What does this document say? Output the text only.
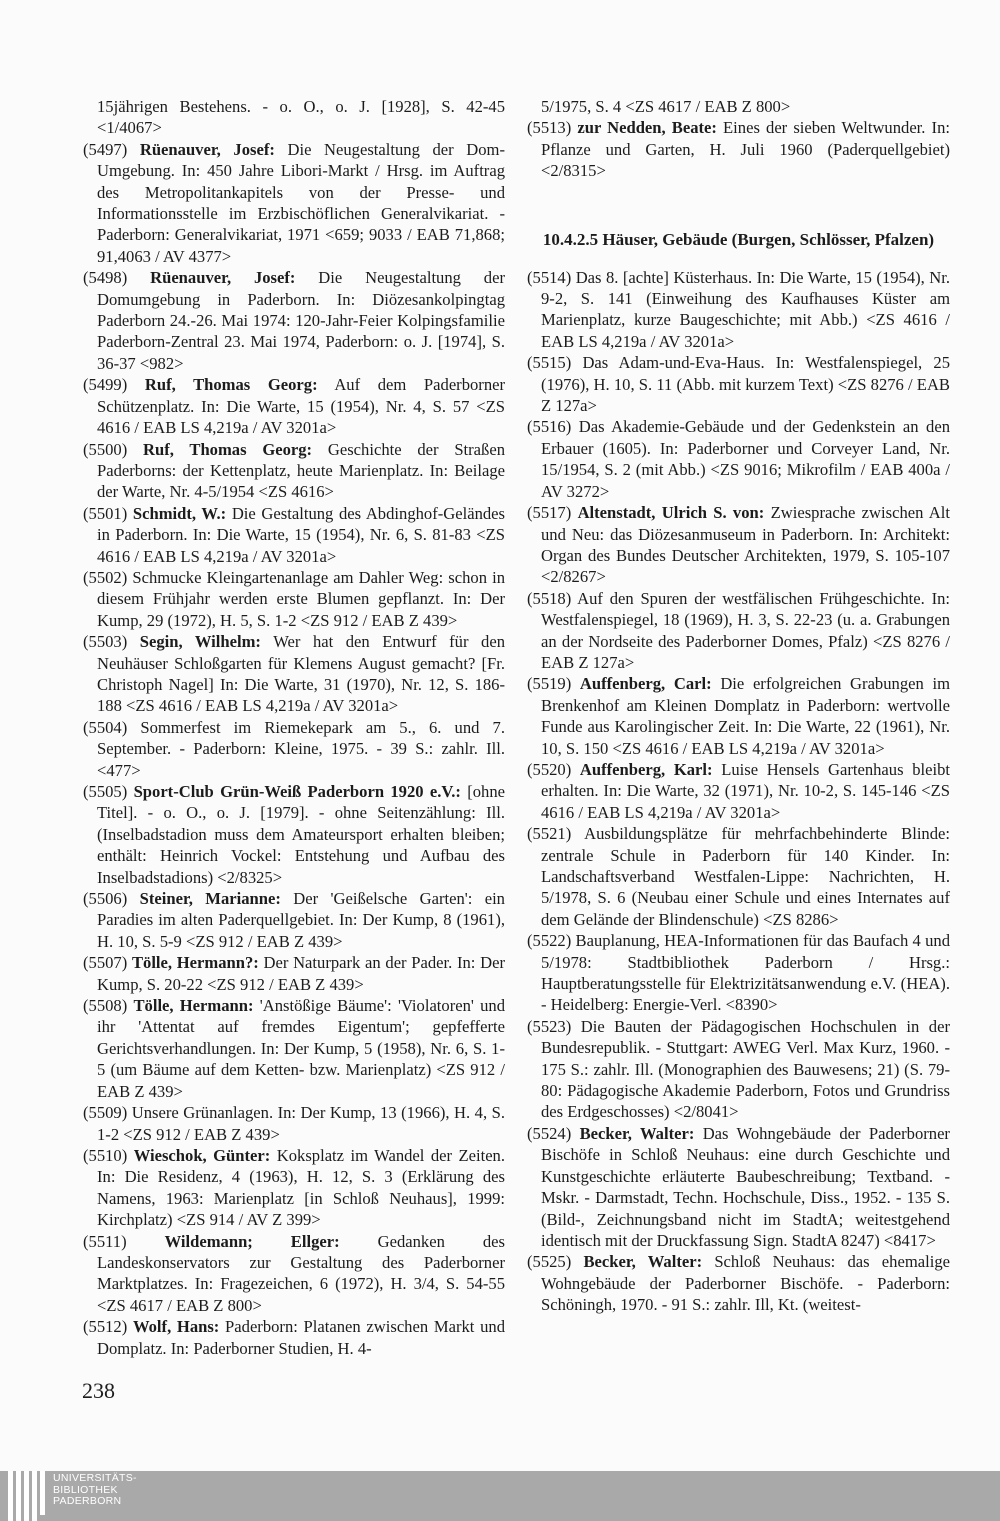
15jährigen Bestehens. - o. O., o. J. [1928], S. 42-45 <1/4067>

(5497) Rüenauver, Josef: Die Neugestaltung der Dom-Umgebung. In: 450 Jahre Libori-Markt / Hrsg. im Auftrag des Metropolitankapitels von der Presse- und Informationsstelle im Erzbischöflichen Generalvikariat. - Paderborn: Generalvikariat, 1971 <659; 9033 / EAB 71,868; 91,4063 / AV 4377>

(5498) Rüenauver, Josef: Die Neugestaltung der Domumgebung in Paderborn. In: Diözesankolpingtag Paderborn 24.-26. Mai 1974: 120-Jahr-Feier Kolpingsfamilie Paderborn-Zentral 23. Mai 1974, Paderborn: o. J. [1974], S. 36-37 <982>

(5499) Ruf, Thomas Georg: Auf dem Paderborner Schützenplatz. In: Die Warte, 15 (1954), Nr. 4, S. 57 <ZS 4616 / EAB LS 4,219a / AV 3201a>

(5500) Ruf, Thomas Georg: Geschichte der Straßen Paderborns: der Kettenplatz, heute Marienplatz. In: Beilage der Warte, Nr. 4-5/1954 <ZS 4616>

(5501) Schmidt, W.: Die Gestaltung des Abdinghof-Geländes in Paderborn. In: Die Warte, 15 (1954), Nr. 6, S. 81-83 <ZS 4616 / EAB LS 4,219a / AV 3201a>

(5502) Schmucke Kleingartenanlage am Dahler Weg: schon in diesem Frühjahr werden erste Blumen gepflanzt. In: Der Kump, 29 (1972), H. 5, S. 1-2 <ZS 912 / EAB Z 439>

(5503) Segin, Wilhelm: Wer hat den Entwurf für den Neuhäuser Schloßgarten für Klemens August gemacht? [Fr. Christoph Nagel] In: Die Warte, 31 (1970), Nr. 12, S. 186-188 <ZS 4616 / EAB LS 4,219a / AV 3201a>

(5504) Sommerfest im Riemekepark am 5., 6. und 7. September. - Paderborn: Kleine, 1975. - 39 S.: zahlr. Ill. <477>

(5505) Sport-Club Grün-Weiß Paderborn 1920 e.V.: [ohne Titel]. - o. O., o. J. [1979]. - ohne Seitenzählung: Ill. (Inselbadstadion muss dem Amateursport erhalten bleiben; enthält: Heinrich Vockel: Entstehung und Aufbau des Inselbadstadions) <2/8325>

(5506) Steiner, Marianne: Der 'Geißelsche Garten': ein Paradies im alten Paderquellgebiet. In: Der Kump, 8 (1961), H. 10, S. 5-9 <ZS 912 / EAB Z 439>

(5507) Tölle, Hermann?: Der Naturpark an der Pader. In: Der Kump, S. 20-22 <ZS 912 / EAB Z 439>

(5508) Tölle, Hermann: 'Anstößige Bäume': 'Violatoren' und ihr 'Attentat auf fremdes Eigentum'; gepfefferte Gerichtsverhandlungen. In: Der Kump, 5 (1958), Nr. 6, S. 1-5 (um Bäume auf dem Ketten- bzw. Marienplatz) <ZS 912 / EAB Z 439>

(5509) Unsere Grünanlagen. In: Der Kump, 13 (1966), H. 4, S. 1-2 <ZS 912 / EAB Z 439>

(5510) Wieschok, Günter: Koksplatz im Wandel der Zeiten. In: Die Residenz, 4 (1963), H. 12, S. 3 (Erklärung des Namens, 1963: Marienplatz [in Schloß Neuhaus], 1999: Kirchplatz) <ZS 914 / AV Z 399>

(5511) Wildemann; Ellger: Gedanken des Landeskonservators zur Gestaltung des Paderborner Marktplatzes. In: Fragezeichen, 6 (1972), H. 3/4, S. 54-55 <ZS 4617 / EAB Z 800>

(5512) Wolf, Hans: Paderborn: Platanen zwischen Markt und Domplatz. In: Paderborner Studien, H. 4-

5/1975, S. 4 <ZS 4617 / EAB Z 800>

(5513) zur Nedden, Beate: Eines der sieben Weltwunder. In: Pflanze und Garten, H. Juli 1960 (Paderquellgebiet) <2/8315>

10.4.2.5 Häuser, Gebäude (Burgen, Schlösser, Pfalzen)

(5514) Das 8. [achte] Küsterhaus. In: Die Warte, 15 (1954), Nr. 9-2, S. 141 (Einweihung des Kaufhauses Küster am Marienplatz, kurze Baugeschichte; mit Abb.) <ZS 4616 / EAB LS 4,219a / AV 3201a>

(5515) Das Adam-und-Eva-Haus. In: Westfalenspiegel, 25 (1976), H. 10, S. 11 (Abb. mit kurzem Text) <ZS 8276 / EAB Z 127a>

(5516) Das Akademie-Gebäude und der Gedenkstein an den Erbauer (1605). In: Paderborner und Corveyer Land, Nr. 15/1954, S. 2 (mit Abb.) <ZS 9016; Mikrofilm / EAB 400a / AV 3272>

(5517) Altenstadt, Ulrich S. von: Zwiesprache zwischen Alt und Neu: das Diözesanmuseum in Paderborn. In: Architekt: Organ des Bundes Deutscher Architekten, 1979, S. 105-107 <2/8267>

(5518) Auf den Spuren der westfälischen Frühgeschichte. In: Westfalenspiegel, 18 (1969), H. 3, S. 22-23 (u. a. Grabungen an der Nordseite des Paderborner Domes, Pfalz) <ZS 8276 / EAB Z 127a>

(5519) Auffenberg, Carl: Die erfolgreichen Grabungen im Brenkenhof am Kleinen Domplatz in Paderborn: wertvolle Funde aus Karolingischer Zeit. In: Die Warte, 22 (1961), Nr. 10, S. 150 <ZS 4616 / EAB LS 4,219a / AV 3201a>

(5520) Auffenberg, Karl: Luise Hensels Gartenhaus bleibt erhalten. In: Die Warte, 32 (1971), Nr. 10-2, S. 145-146 <ZS 4616 / EAB LS 4,219a / AV 3201a>

(5521) Ausbildungsplätze für mehrfachbehinderte Blinde: zentrale Schule in Paderborn für 140 Kinder. In: Landschaftsverband Westfalen-Lippe: Nachrichten, H. 5/1978, S. 6 (Neubau einer Schule und eines Internates auf dem Gelände der Blindenschule) <ZS 8286>

(5522) Bauplanung, HEA-Informationen für das Baufach 4 und 5/1978: Stadtbibliothek Paderborn / Hrsg.: Hauptberatungsstelle für Elektrizitätsanwendung e.V. (HEA). - Heidelberg: Energie-Verl. <8390>

(5523) Die Bauten der Pädagogischen Hochschulen in der Bundesrepublik. - Stuttgart: AWEG Verl. Max Kurz, 1960. - 175 S.: zahlr. Ill. (Monographien des Bauwesens; 21) (S. 79-80: Pädagogische Akademie Paderborn, Fotos und Grundriss des Erdgeschosses) <2/8041>

(5524) Becker, Walter: Das Wohngebäude der Paderborner Bischöfe in Schloß Neuhaus: eine durch Geschichte und Kunstgeschichte erläuterte Baubeschreibung; Textband. - Mskr. - Darmstadt, Techn. Hochschule, Diss., 1952. - 135 S. (Bild-, Zeichnungsband nicht im StadtA; weitestgehend identisch mit der Druckfassung Sign. StadtA 8247) <8417>

(5525) Becker, Walter: Schloß Neuhaus: das ehemalige Wohngebäude der Paderborner Bischöfe. - Paderborn: Schöningh, 1970. - 91 S.: zahlr. Ill, Kt. (weitest-

238
UNIVERSITÄTS-
BIBLIOTHEK
PADERBORN
